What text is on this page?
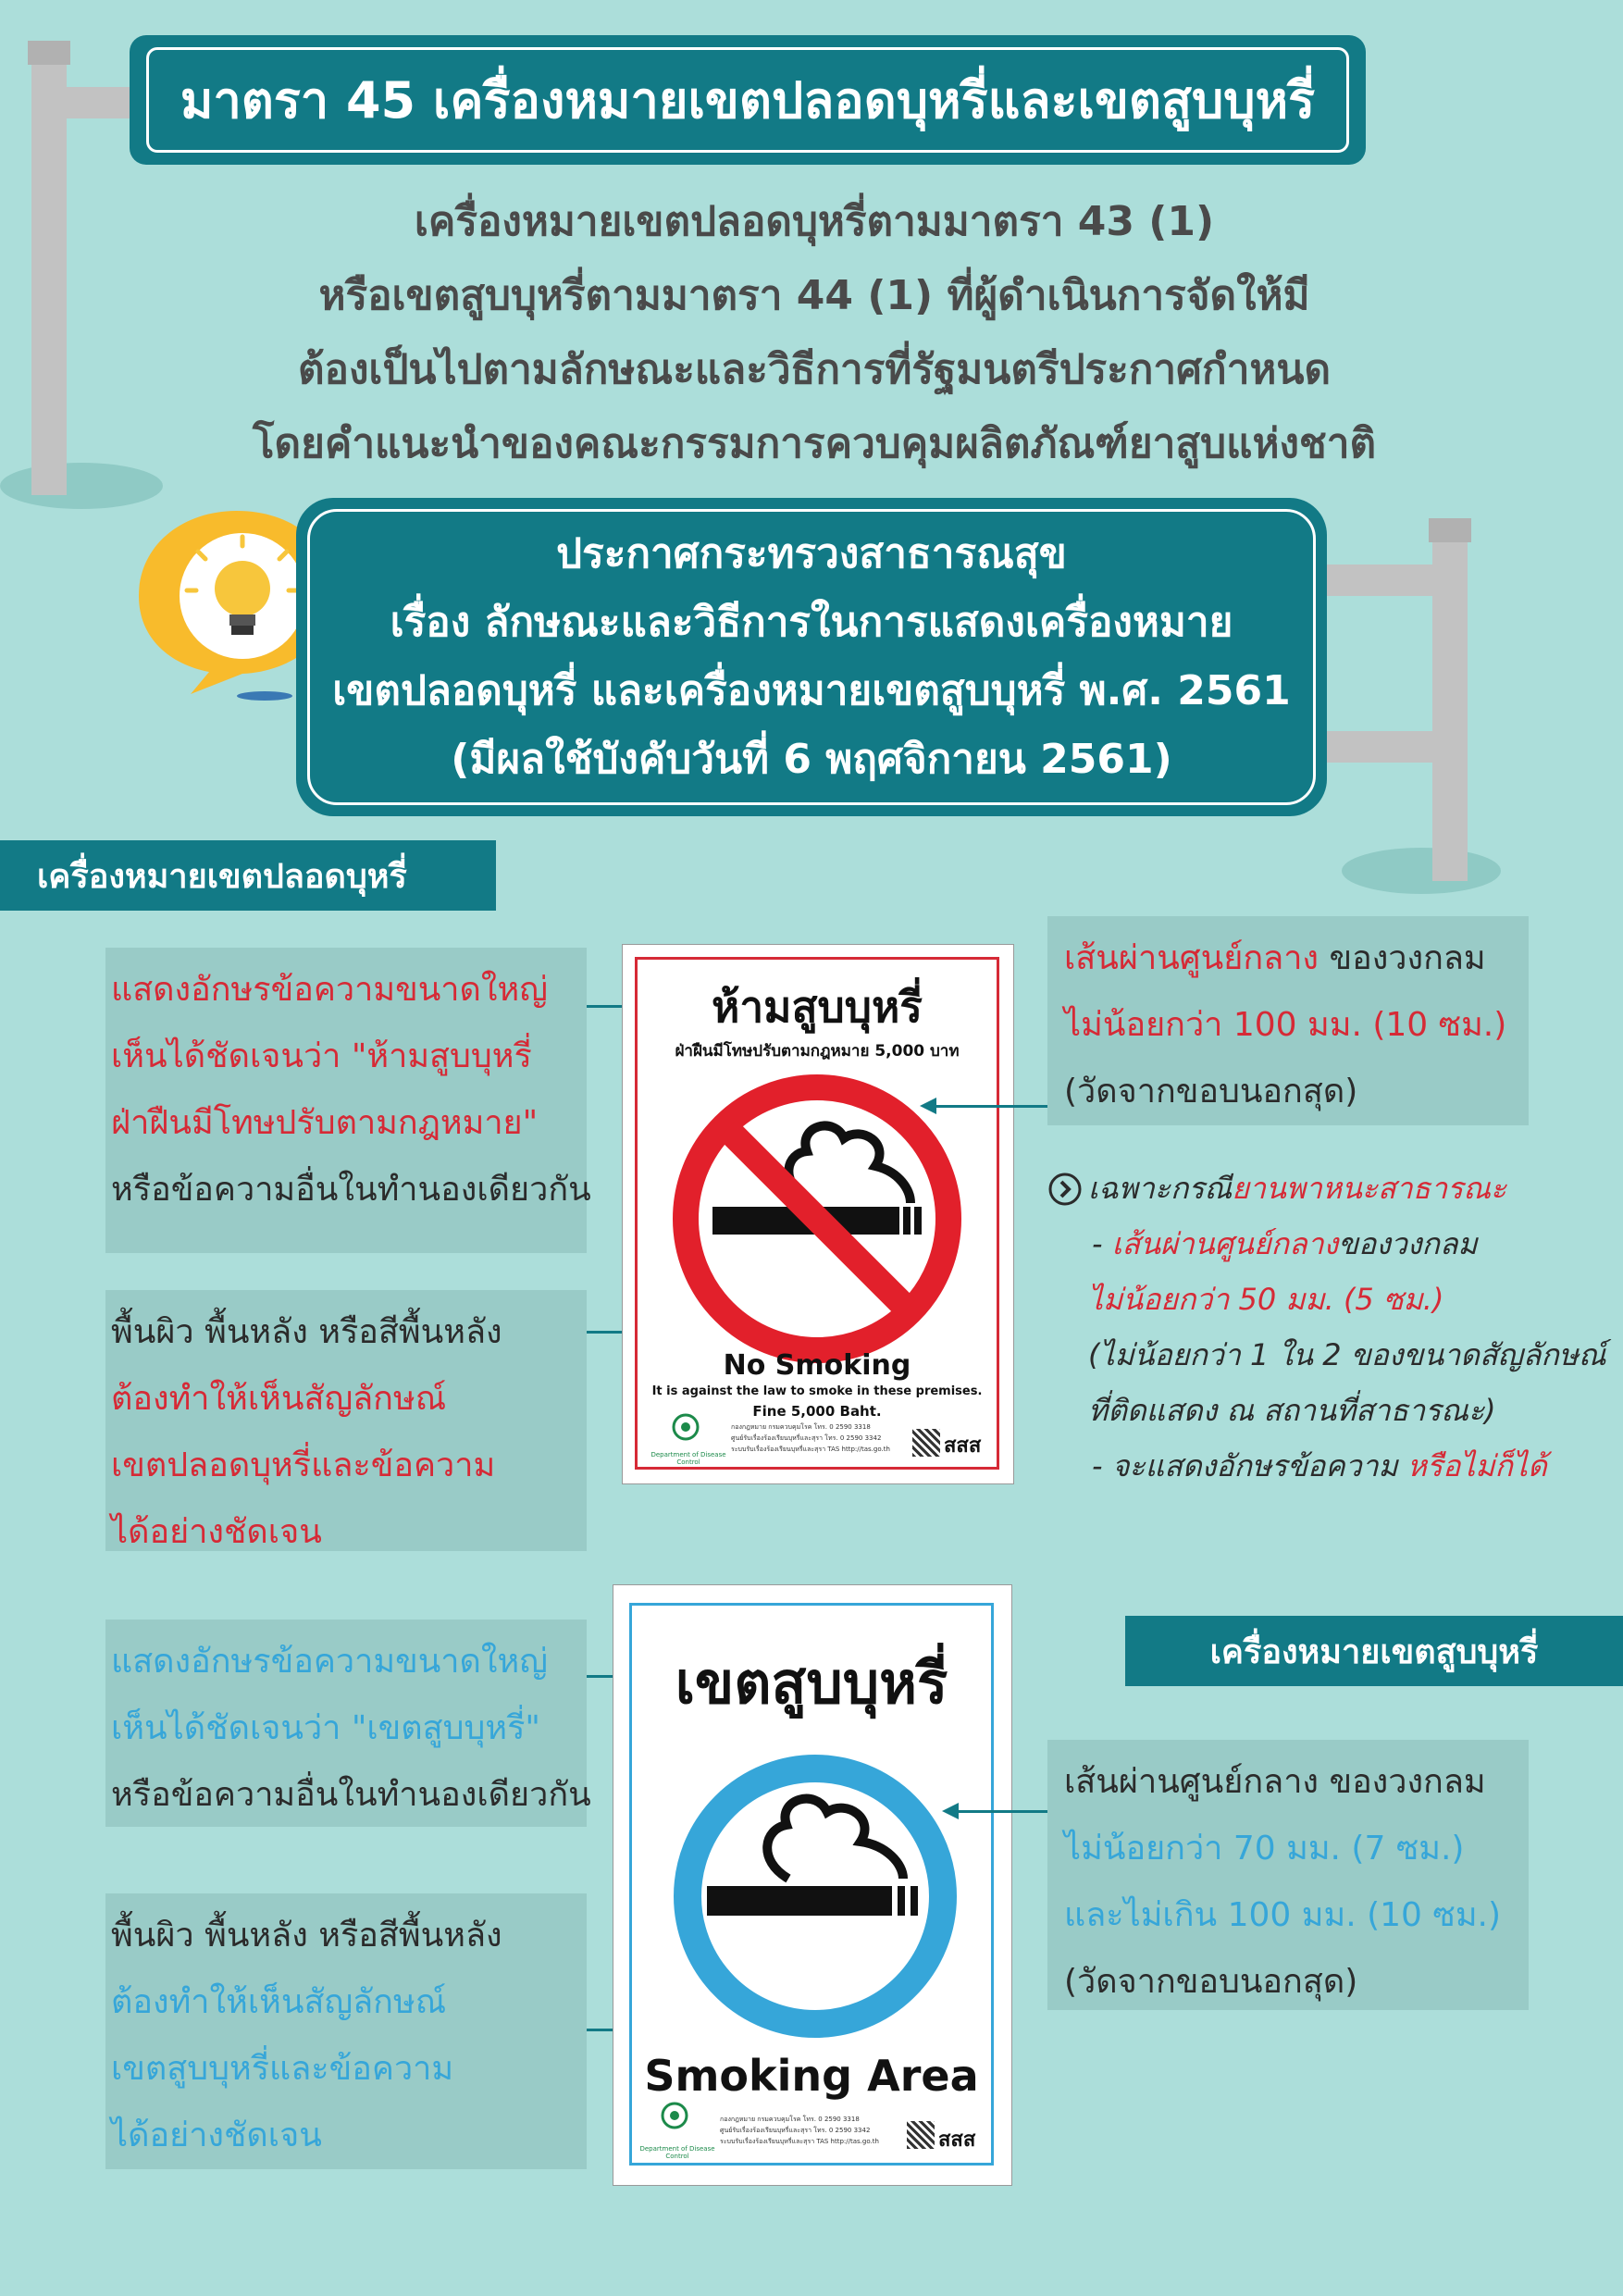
มาตรา 45 เครื่องหมายเขตปลอดบุหรี่และเขตสูบบุหรี่
เครื่องหมายเขตปลอดบุหรี่ตามมาตรา 43 (1)
หรือเขตสูบบุหรี่ตามมาตรา 44 (1) ที่ผู้ดำเนินการจัดให้มี
ต้องเป็นไปตามลักษณะและวิธีการที่รัฐมนตรีประกาศกำหนด
โดยคำแนะนำของคณะกรรมการควบคุมผลิตภัณฑ์ยาสูบแห่งชาติ
ประกาศกระทรวงสาธารณสุข
เรื่อง ลักษณะและวิธีการในการแสดงเครื่องหมาย
เขตปลอดบุหรี่ และเครื่องหมายเขตสูบบุหรี่ พ.ศ. 2561
(มีผลใช้บังคับวันที่ 6 พฤศจิกายน 2561)
เครื่องหมายเขตปลอดบุหรี่
แสดงอักษรข้อความขนาดใหญ่
เห็นได้ชัดเจนว่า "ห้ามสูบบุหรี่
ฝ่าฝืนมีโทษปรับตามกฎหมาย"
หรือข้อความอื่นในทำนองเดียวกัน
พื้นผิว พื้นหลัง หรือสีพื้นหลัง
ต้องทำให้เห็นสัญลักษณ์
เขตปลอดบุหรี่และข้อความ
ได้อย่างชัดเจน
ห้ามสูบบุหรี่
ฝ่าฝืนมีโทษปรับตามกฎหมาย 5,000 บาท
No Smoking
It is against the law to smoke in these premises.
Fine 5,000 Baht.
Department of Disease Control
กองกฎหมาย กรมควบคุมโรค โทร. 0 2590 3318
ศูนย์รับเรื่องร้องเรียนบุหรี่และสุรา โทร. 0 2590 3342
ระบบรับเรื่องร้องเรียนบุหรี่และสุรา TAS http://tas.go.th	สสส
เส้นผ่านศูนย์กลาง ของวงกลม
ไม่น้อยกว่า 100 มม. (10 ซม.)
(วัดจากขอบนอกสุด)
เฉพาะกรณียานพาหนะสาธารณะ
- เส้นผ่านศูนย์กลางของวงกลม
ไม่น้อยกว่า 50 มม. (5 ซม.)
(ไม่น้อยกว่า 1 ใน 2 ของขนาดสัญลักษณ์
ที่ติดแสดง ณ สถานที่สาธารณะ)
- จะแสดงอักษรข้อความ หรือไม่ก็ได้
เครื่องหมายเขตสูบบุหรี่
แสดงอักษรข้อความขนาดใหญ่
เห็นได้ชัดเจนว่า "เขตสูบบุหรี่"
หรือข้อความอื่นในทำนองเดียวกัน
พื้นผิว พื้นหลัง หรือสีพื้นหลัง
ต้องทำให้เห็นสัญลักษณ์
เขตสูบบุหรี่และข้อความ
ได้อย่างชัดเจน
เขตสูบบุหรี่
Smoking Area
Department of Disease Control
กองกฎหมาย กรมควบคุมโรค โทร. 0 2590 3318
ศูนย์รับเรื่องร้องเรียนบุหรี่และสุรา โทร. 0 2590 3342
ระบบรับเรื่องร้องเรียนบุหรี่และสุรา TAS http://tas.go.th	สสส
เส้นผ่านศูนย์กลาง ของวงกลม
ไม่น้อยกว่า 70 มม. (7 ซม.)
และไม่เกิน 100 มม. (10 ซม.)
(วัดจากขอบนอกสุด)
